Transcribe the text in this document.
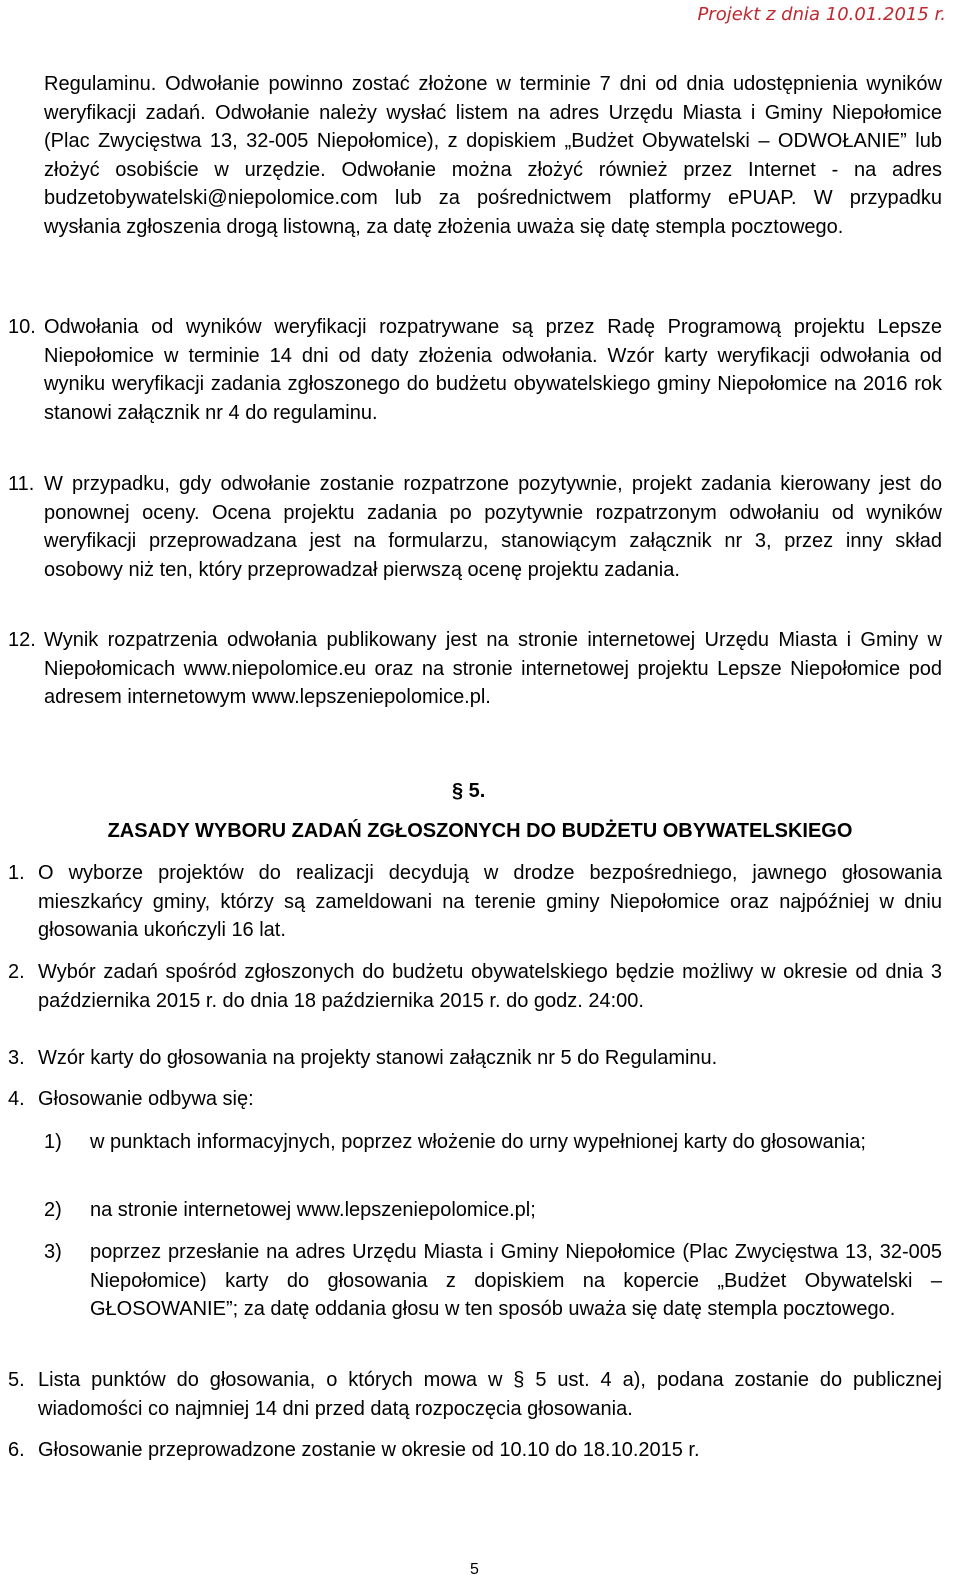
Projekt z dnia 10.01.2015 r.
Regulaminu. Odwołanie powinno zostać złożone w terminie 7 dni od dnia udostępnienia wyników weryfikacji zadań. Odwołanie należy wysłać listem na adres Urzędu Miasta i Gminy Niepołomice (Plac Zwycięstwa 13, 32-005 Niepołomice), z dopiskiem „Budżet Obywatelski – ODWOŁANIE” lub złożyć osobiście w urzędzie. Odwołanie można złożyć również przez Internet - na adres budzetobywatelski@niepolomice.com lub za pośrednictwem platformy ePUAP. W przypadku wysłania zgłoszenia drogą listowną, za datę złożenia uważa się datę stempla pocztowego.
10. Odwołania od wyników weryfikacji rozpatrywane są przez Radę Programową projektu Lepsze Niepołomice w terminie 14 dni od daty złożenia odwołania. Wzór karty weryfikacji odwołania od wyniku weryfikacji zadania zgłoszonego do budżetu obywatelskiego gminy Niepołomice na 2016 rok stanowi załącznik nr 4 do regulaminu.
11. W przypadku, gdy odwołanie zostanie rozpatrzone pozytywnie, projekt zadania kierowany jest do ponownej oceny. Ocena projektu zadania po pozytywnie rozpatrzonym odwołaniu od wyników weryfikacji przeprowadzana jest na formularzu, stanowiącym załącznik nr 3, przez inny skład osobowy niż ten, który przeprowadzał pierwszą ocenę projektu zadania.
12. Wynik rozpatrzenia odwołania publikowany jest na stronie internetowej Urzędu Miasta i Gminy w Niepołomicach www.niepolomice.eu oraz na stronie internetowej projektu Lepsze Niepołomice pod adresem internetowym www.lepszeniepolomice.pl.
§ 5.
ZASADY WYBORU ZADAŃ ZGŁOSZONYCH DO BUDŻETU OBYWATELSKIEGO
1. O wyborze projektów do realizacji decydują w drodze bezpośredniego, jawnego głosowania mieszkańcy gminy, którzy są zameldowani na terenie gminy Niepołomice oraz najpóźniej w dniu głosowania ukończyli 16 lat.
2. Wybór zadań spośród zgłoszonych do budżetu obywatelskiego będzie możliwy w okresie od dnia 3 października 2015 r. do dnia 18 października 2015 r. do godz. 24:00.
3. Wzór karty do głosowania na projekty stanowi załącznik nr 5 do Regulaminu.
4. Głosowanie odbywa się:
1) w punktach informacyjnych, poprzez włożenie do urny wypełnionej karty do głosowania;
2) na stronie internetowej www.lepszeniepolomice.pl;
3) poprzez przesłanie na adres Urzędu Miasta i Gminy Niepołomice (Plac Zwycięstwa 13, 32-005 Niepołomice) karty do głosowania z dopiskiem na kopercie „Budżet Obywatelski – GŁOSOWANIE”; za datę oddania głosu w ten sposób uważa się datę stempla pocztowego.
5. Lista punktów do głosowania, o których mowa w § 5 ust. 4 a), podana zostanie do publicznej wiadomości co najmniej 14 dni przed datą rozpoczęcia głosowania.
6. Głosowanie przeprowadzone zostanie w okresie od 10.10 do 18.10.2015 r.
5
